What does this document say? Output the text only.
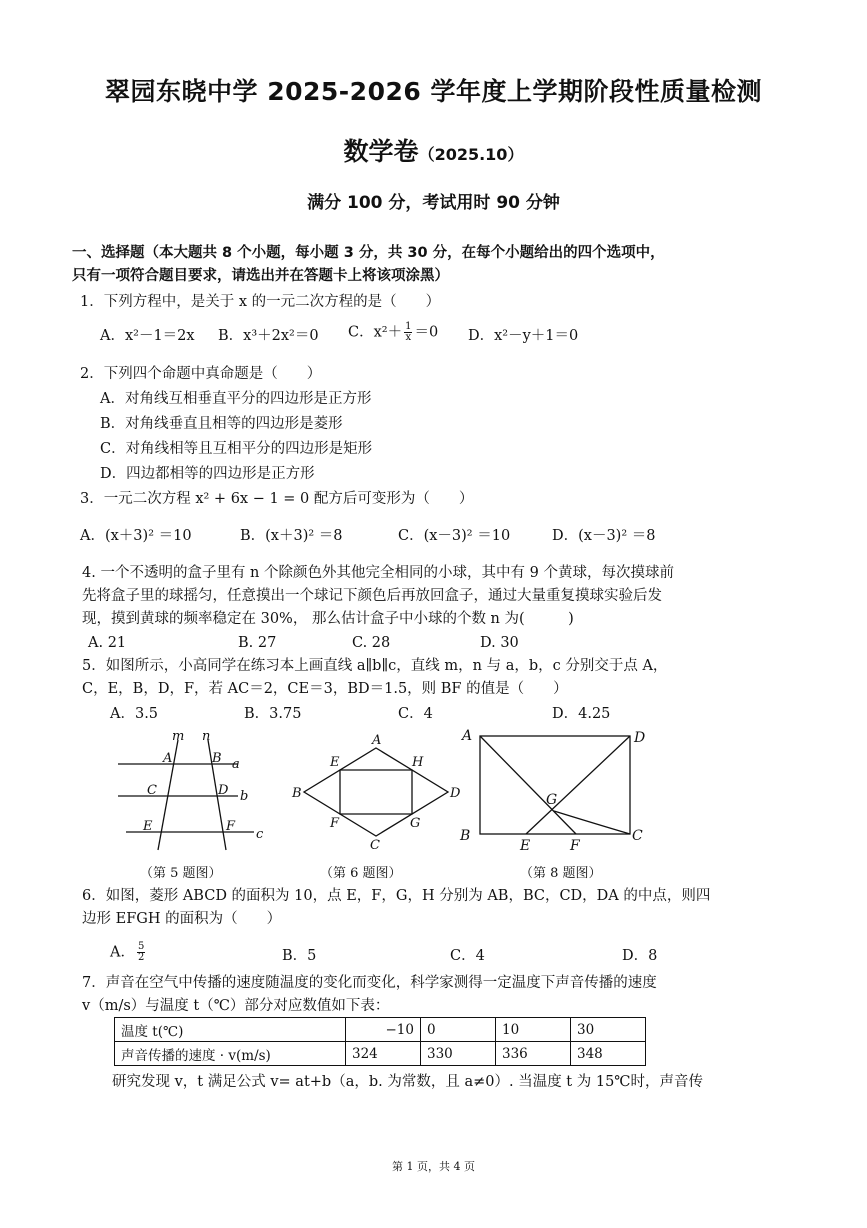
翠园东晓中学 2025-2026 学年度上学期阶段性质量检测
数学卷（2025.10）
满分 100 分，考试用时 90 分钟
一、选择题（本大题共 8 个小题，每小题 3 分，共 30 分，在每个小题给出的四个选项中，
只有一项符合题目要求，请选出并在答题卡上将该项涂黑）
1．下列方程中，是关于 x 的一元二次方程的是（　　）
A．x²－1＝2x B．x³＋2x²＝0 C．$x^2+ \frac{1}{x} =0$ D．x²－y＋1＝0
2．下列四个命题中真命题是（　　）
A．对角线互相垂直平分的四边形是正方形
B．对角线垂直且相等的四边形是菱形
C．对角线相等且互相平分的四边形是矩形
D．四边都相等的四边形是正方形
3．一元二次方程 x² + 6x − 1 = 0 配方后可变形为（　　）
A．(x＋3)² ＝10	B．(x＋3)² ＝8	C．(x－3)² ＝10	D．(x－3)² ＝8
4. 一个不透明的盒子里有 n 个除颜色外其他完全相同的小球，其中有 9 个黄球，每次摸球前
先将盒子里的球摇匀，任意摸出一个球记下颜色后再放回盒子，通过大量重复摸球实验后发
现，摸到黄球的频率稳定在 30%， 那么估计盒子中小球的个数 n 为(　　　)
A. 21	B. 27	C. 28	D. 30
5．如图所示，小高同学在练习本上画直线 a∥b∥c，直线 m，n 与 a，b，c 分别交于点 A，
C，E，B，D，F，若 AC＝2，CE＝3，BD＝1.5，则 BF 的值是（　　）
A．3.5	B．3.75	C．4	D．4.25
m n
a
b
c
A	B
C	D
E	F
（第 5 题图）
A
B
C
D
E
F	G
H
（第 6 题图）
A	D
B	C
G
E	F
（第 8 题图）
6．如图，菱形 ABCD 的面积为 10，点 E，F，G，H 分别为 AB，BC，CD，DA 的中点，则四
边形 EFGH 的面积为（　　）
A． $\frac{5}{2}$	B．5	C．4	D．8
7．声音在空气中传播的速度随温度的变化而变化，科学家测得一定温度下声音传播的速度
v（m/s）与温度 t（℃）部分对应数值如下表：
温度 t(℃)	−10	0	10	30
声音传播的速度 · v(m/s)	324	330	336	348
研究发现 v，t 满足公式 v= at+b（a，b. 为常数，且 a≠0）. 当温度 t 为 15℃时，声音传
第 1 页，共 4 页
